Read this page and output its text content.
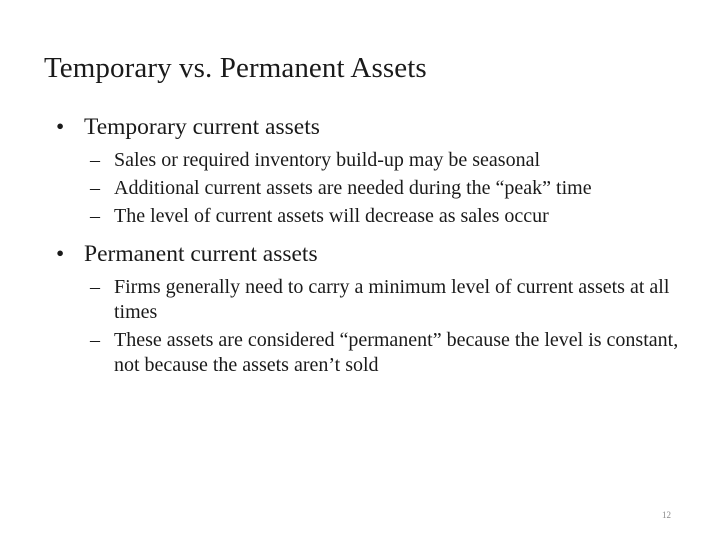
Temporary vs. Permanent Assets
• Temporary current assets
– Sales or required inventory build-up may be seasonal
– Additional current assets are needed during the “peak” time
– The level of current assets will decrease as sales occur
• Permanent current assets
– Firms generally need to carry a minimum level of current assets at all times
– These assets are considered “permanent” because the level is constant, not because the assets aren’t sold
12
